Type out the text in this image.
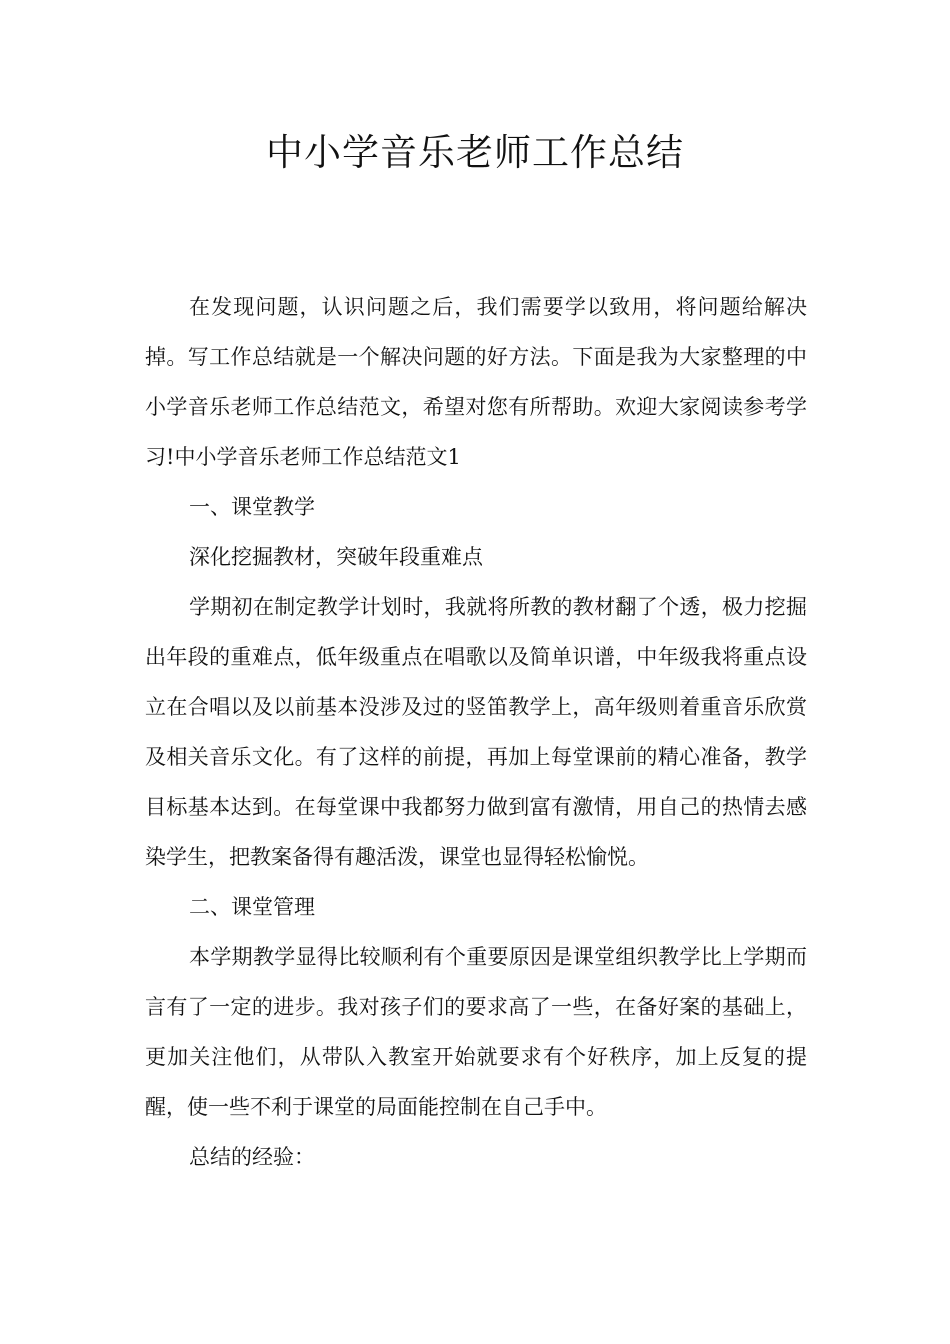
中小学音乐老师工作总结

在发现问题，认识问题之后，我们需要学以致用，将问题给解决掉。写工作总结就是一个解决问题的好方法。下面是我为大家整理的中小学音乐老师工作总结范文，希望对您有所帮助。欢迎大家阅读参考学习!中小学音乐老师工作总结范文1

一、课堂教学

深化挖掘教材，突破年段重难点

学期初在制定教学计划时，我就将所教的教材翻了个透，极力挖掘出年段的重难点，低年级重点在唱歌以及简单识谱，中年级我将重点设立在合唱以及以前基本没涉及过的竖笛教学上，高年级则着重音乐欣赏及相关音乐文化。有了这样的前提，再加上每堂课前的精心准备，教学目标基本达到。在每堂课中我都努力做到富有激情，用自己的热情去感染学生，把教案备得有趣活泼，课堂也显得轻松愉悦。

二、课堂管理

本学期教学显得比较顺利有个重要原因是课堂组织教学比上学期而言有了一定的进步。我对孩子们的要求高了一些，在备好案的基础上，更加关注他们，从带队入教室开始就要求有个好秩序，加上反复的提醒，使一些不利于课堂的局面能控制在自己手中。

总结的经验：
